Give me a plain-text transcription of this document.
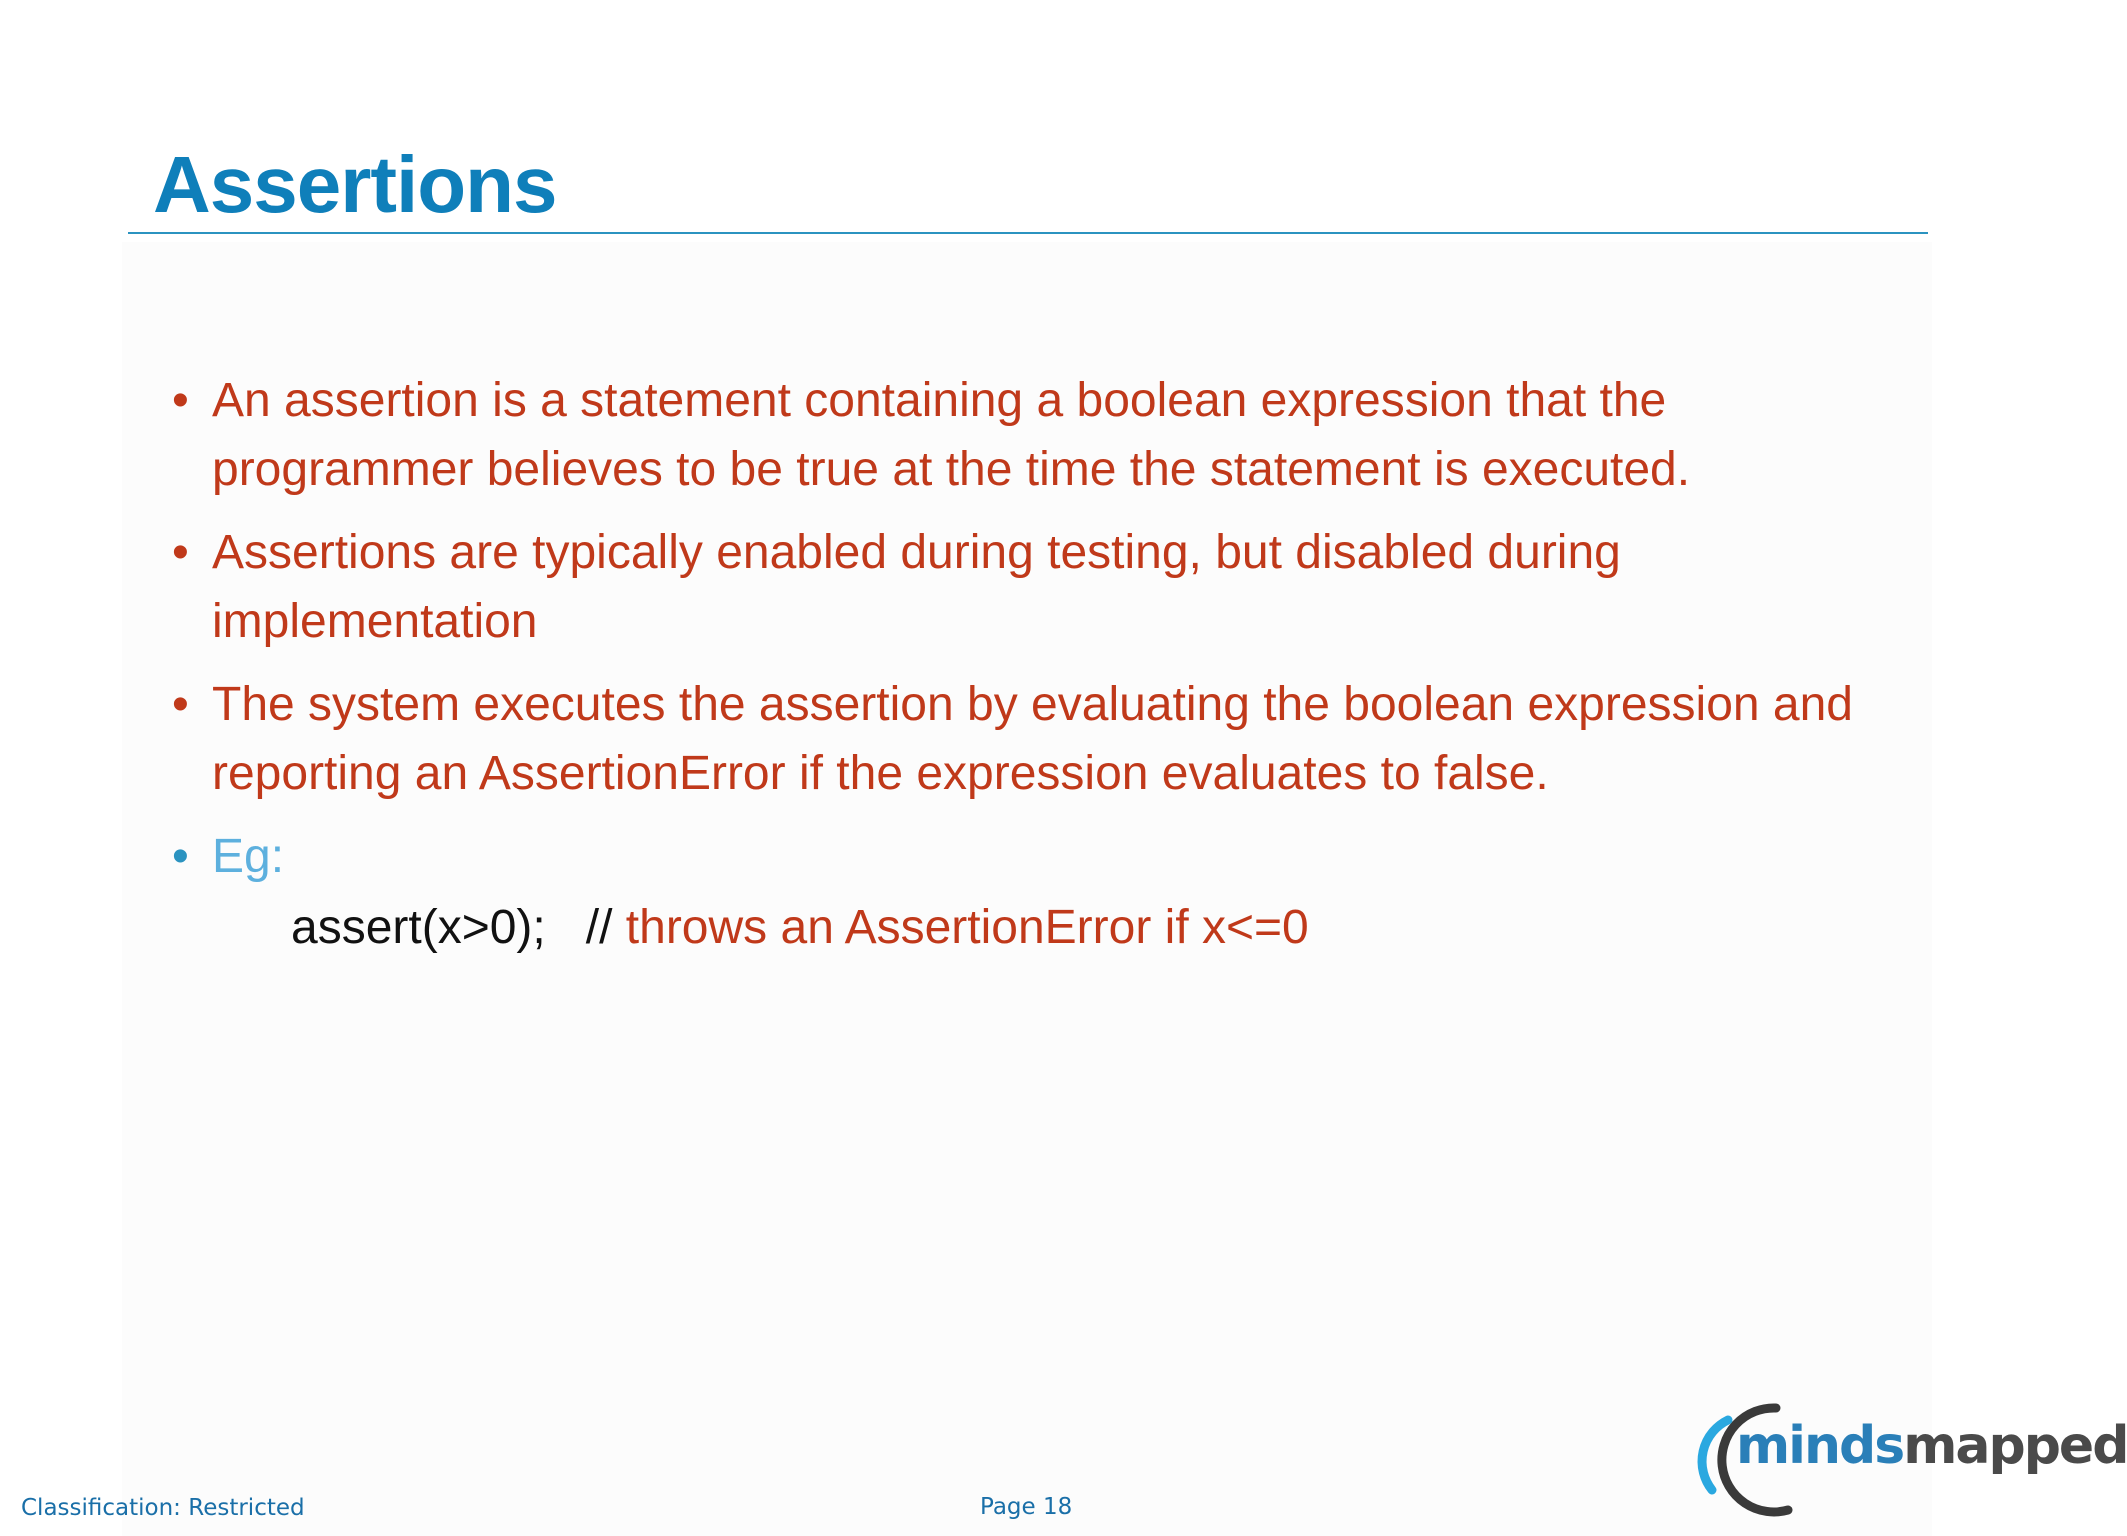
Assertions
• An assertion is a statement containing a boolean expression that the programmer believes to be true at the time the statement is executed.
• Assertions are typically enabled during testing, but disabled during implementation
• The system executes the assertion by evaluating the boolean expression and reporting an AssertionError if the expression evaluates to false.
• Eg:
assert(x>0); // throws an AssertionError if x<=0
Classification: Restricted	Page 18
mindsmapped
